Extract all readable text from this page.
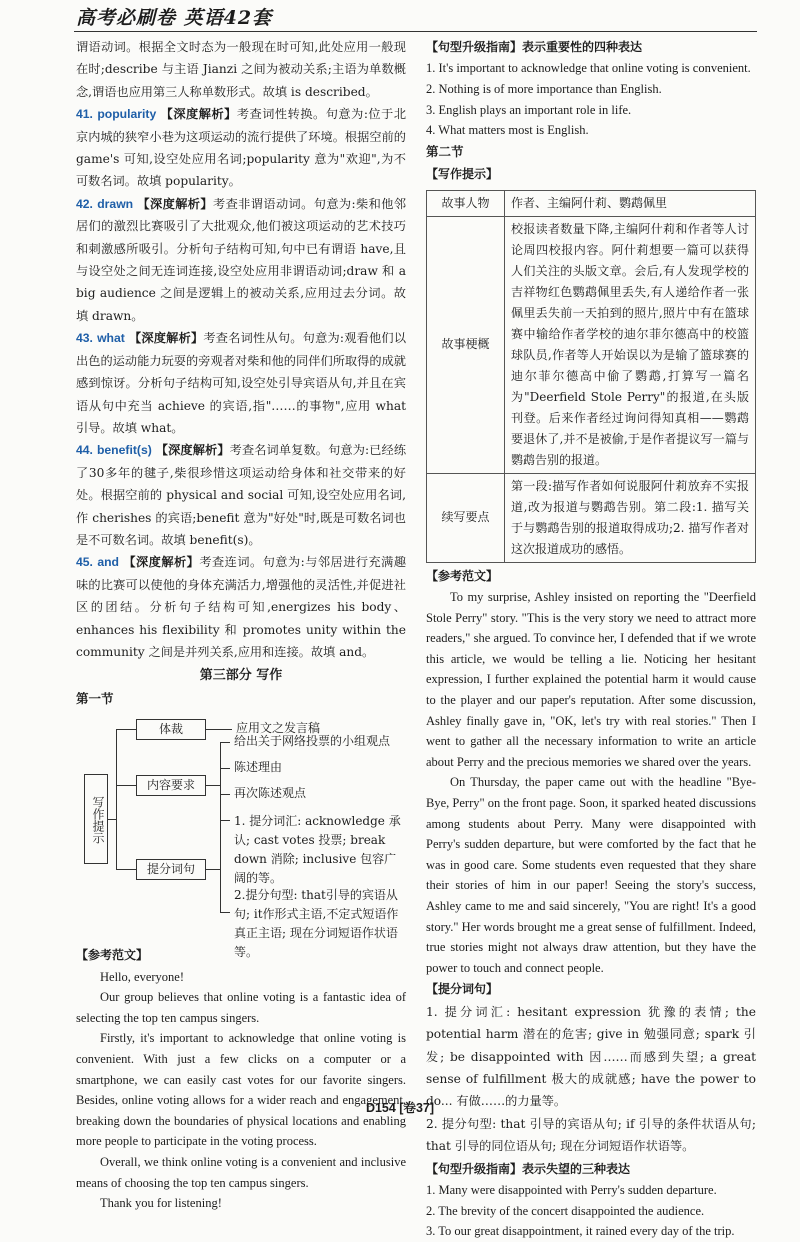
高考必刷卷 英语42套

谓语动词。根据全文时态为一般现在时可知,此处应用一般现在时;describe 与主语 Jianzi 之间为被动关系;主语为单数概念,谓语也应用第三人称单数形式。故填 is described。

41. popularity 【深度解析】考查词性转换。句意为:位于北京内城的狭窄小巷为这项运动的流行提供了环境。根据空前的 game's 可知,设空处应用名词;popularity 意为"欢迎",为不可数名词。故填 popularity。

42. drawn 【深度解析】考查非谓语动词。句意为:柴和他邻居们的激烈比赛吸引了大批观众,他们被这项运动的艺术技巧和刺激感所吸引。分析句子结构可知,句中已有谓语 have,且与设空处之间无连词连接,设空处应用非谓语动词;draw 和 a big audience 之间是逻辑上的被动关系,应用过去分词。故填 drawn。

43. what 【深度解析】考查名词性从句。句意为:观看他们以出色的运动能力玩耍的旁观者对柴和他的同伴们所取得的成就感到惊讶。分析句子结构可知,设空处引导宾语从句,并且在宾语从句中充当 achieve 的宾语,指"……的事物",应用 what 引导。故填 what。

44. benefit(s) 【深度解析】考查名词单复数。句意为:已经练了30多年的毽子,柴很珍惜这项运动给身体和社交带来的好处。根据空前的 physical and social 可知,设空处应用名词,作 cherishes 的宾语;benefit 意为"好处"时,既是可数名词也是不可数名词。故填 benefit(s)。

45. and 【深度解析】考查连词。句意为:与邻居进行充满趣味的比赛可以使他的身体充满活力,增强他的灵活性,并促进社区的团结。分析句子结构可知,energizes his body、enhances his flexibility 和 promotes unity within the community 之间是并列关系,应用和连接。故填 and。

第三部分 写作
第一节
写作提示
体裁	应用文之发言稿
内容要求
给出关于网络投票的小组观点
陈述理由
再次陈述观点
提分词句
1. 提分词汇: acknowledge 承认; cast votes 投票; break down 消除; inclusive 包容广阔的等。
2.提分句型: that引导的宾语从句; it作形式主语,不定式短语作真正主语; 现在分词短语作状语等。
【参考范文】

Hello, everyone!

Our group believes that online voting is a fantastic idea of selecting the top ten campus singers.

Firstly, it's important to acknowledge that online voting is convenient. With just a few clicks on a computer or a smartphone, we can easily cast votes for our favorite singers. Besides, online voting allows for a wider reach and engagement, breaking down the boundaries of physical locations and enabling more people to participate in the voting process.

Overall, we think online voting is a convenient and inclusive means of choosing the top ten campus singers.

Thank you for listening!

【句型升级指南】表示重要性的四种表达

1. It's important to acknowledge that online voting is convenient.

2. Nothing is of more importance than English.

3. English plays an important role in life.

4. What matters most is English.

第二节
【写作提示】
故事人物	作者、主编阿什莉、鹦鹉佩里
故事梗概	校报读者数量下降,主编阿什莉和作者等人讨论周四校报内容。阿什莉想要一篇可以获得人们关注的头版文章。会后,有人发现学校的吉祥物红色鹦鹉佩里丢失,有人递给作者一张佩里丢失前一天拍到的照片,照片中有在篮球赛中输给作者学校的迪尔菲尔德高中的校篮球队员,作者等人开始误以为是输了篮球赛的迪尔菲尔德高中偷了鹦鹉,打算写一篇名为"Deerfield Stole Perry"的报道,在头版刊登。后来作者经过询问得知真相——鹦鹉要退休了,并不是被偷,于是作者提议写一篇与鹦鹉告别的报道。
续写要点	第一段:描写作者如何说服阿什莉放弃不实报道,改为报道与鹦鹉告别。第二段:1. 描写关于与鹦鹉告别的报道取得成功;2. 描写作者对这次报道成功的感悟。
【参考范文】

To my surprise, Ashley insisted on reporting the "Deerfield Stole Perry" story. "This is the very story we need to attract more readers," she argued. To convince her, I defended that if we wrote this article, we would be telling a lie. Noticing her hesitant expression, I further explained the potential harm it would cause to the player and our paper's reputation. After some discussion, Ashley finally gave in, "OK, let's try with real stories." Then I went to gather all the necessary information to write an article about Perry and the precious memories we shared over the years.

On Thursday, the paper came out with the headline "Bye-Bye, Perry" on the front page. Soon, it sparked heated discussions among students about Perry. Many were disappointed with Perry's sudden departure, but were comforted by the fact that he was in good care. Some students even requested that they share their stories of him in our paper! Seeing the story's success, Ashley came to me and said sincerely, "You are right! It's a good story." Her words brought me a great sense of fulfillment. Indeed, true stories might not always draw attention, but they have the power to touch and connect people.

【提分词句】

1. 提分词汇: hesitant expression 犹豫的表情; the potential harm 潜在的危害; give in 勉强同意; spark 引发; be disappointed with 因……而感到失望; a great sense of fulfillment 极大的成就感; have the power to do... 有做……的力量等。

2. 提分句型: that 引导的宾语从句; if 引导的条件状语从句; that 引导的同位语从句; 现在分词短语作状语等。

【句型升级指南】表示失望的三种表达

1. Many were disappointed with Perry's sudden departure.

2. The brevity of the concert disappointed the audience.

3. To our great disappointment, it rained every day of the trip.

D154 [卷37]
